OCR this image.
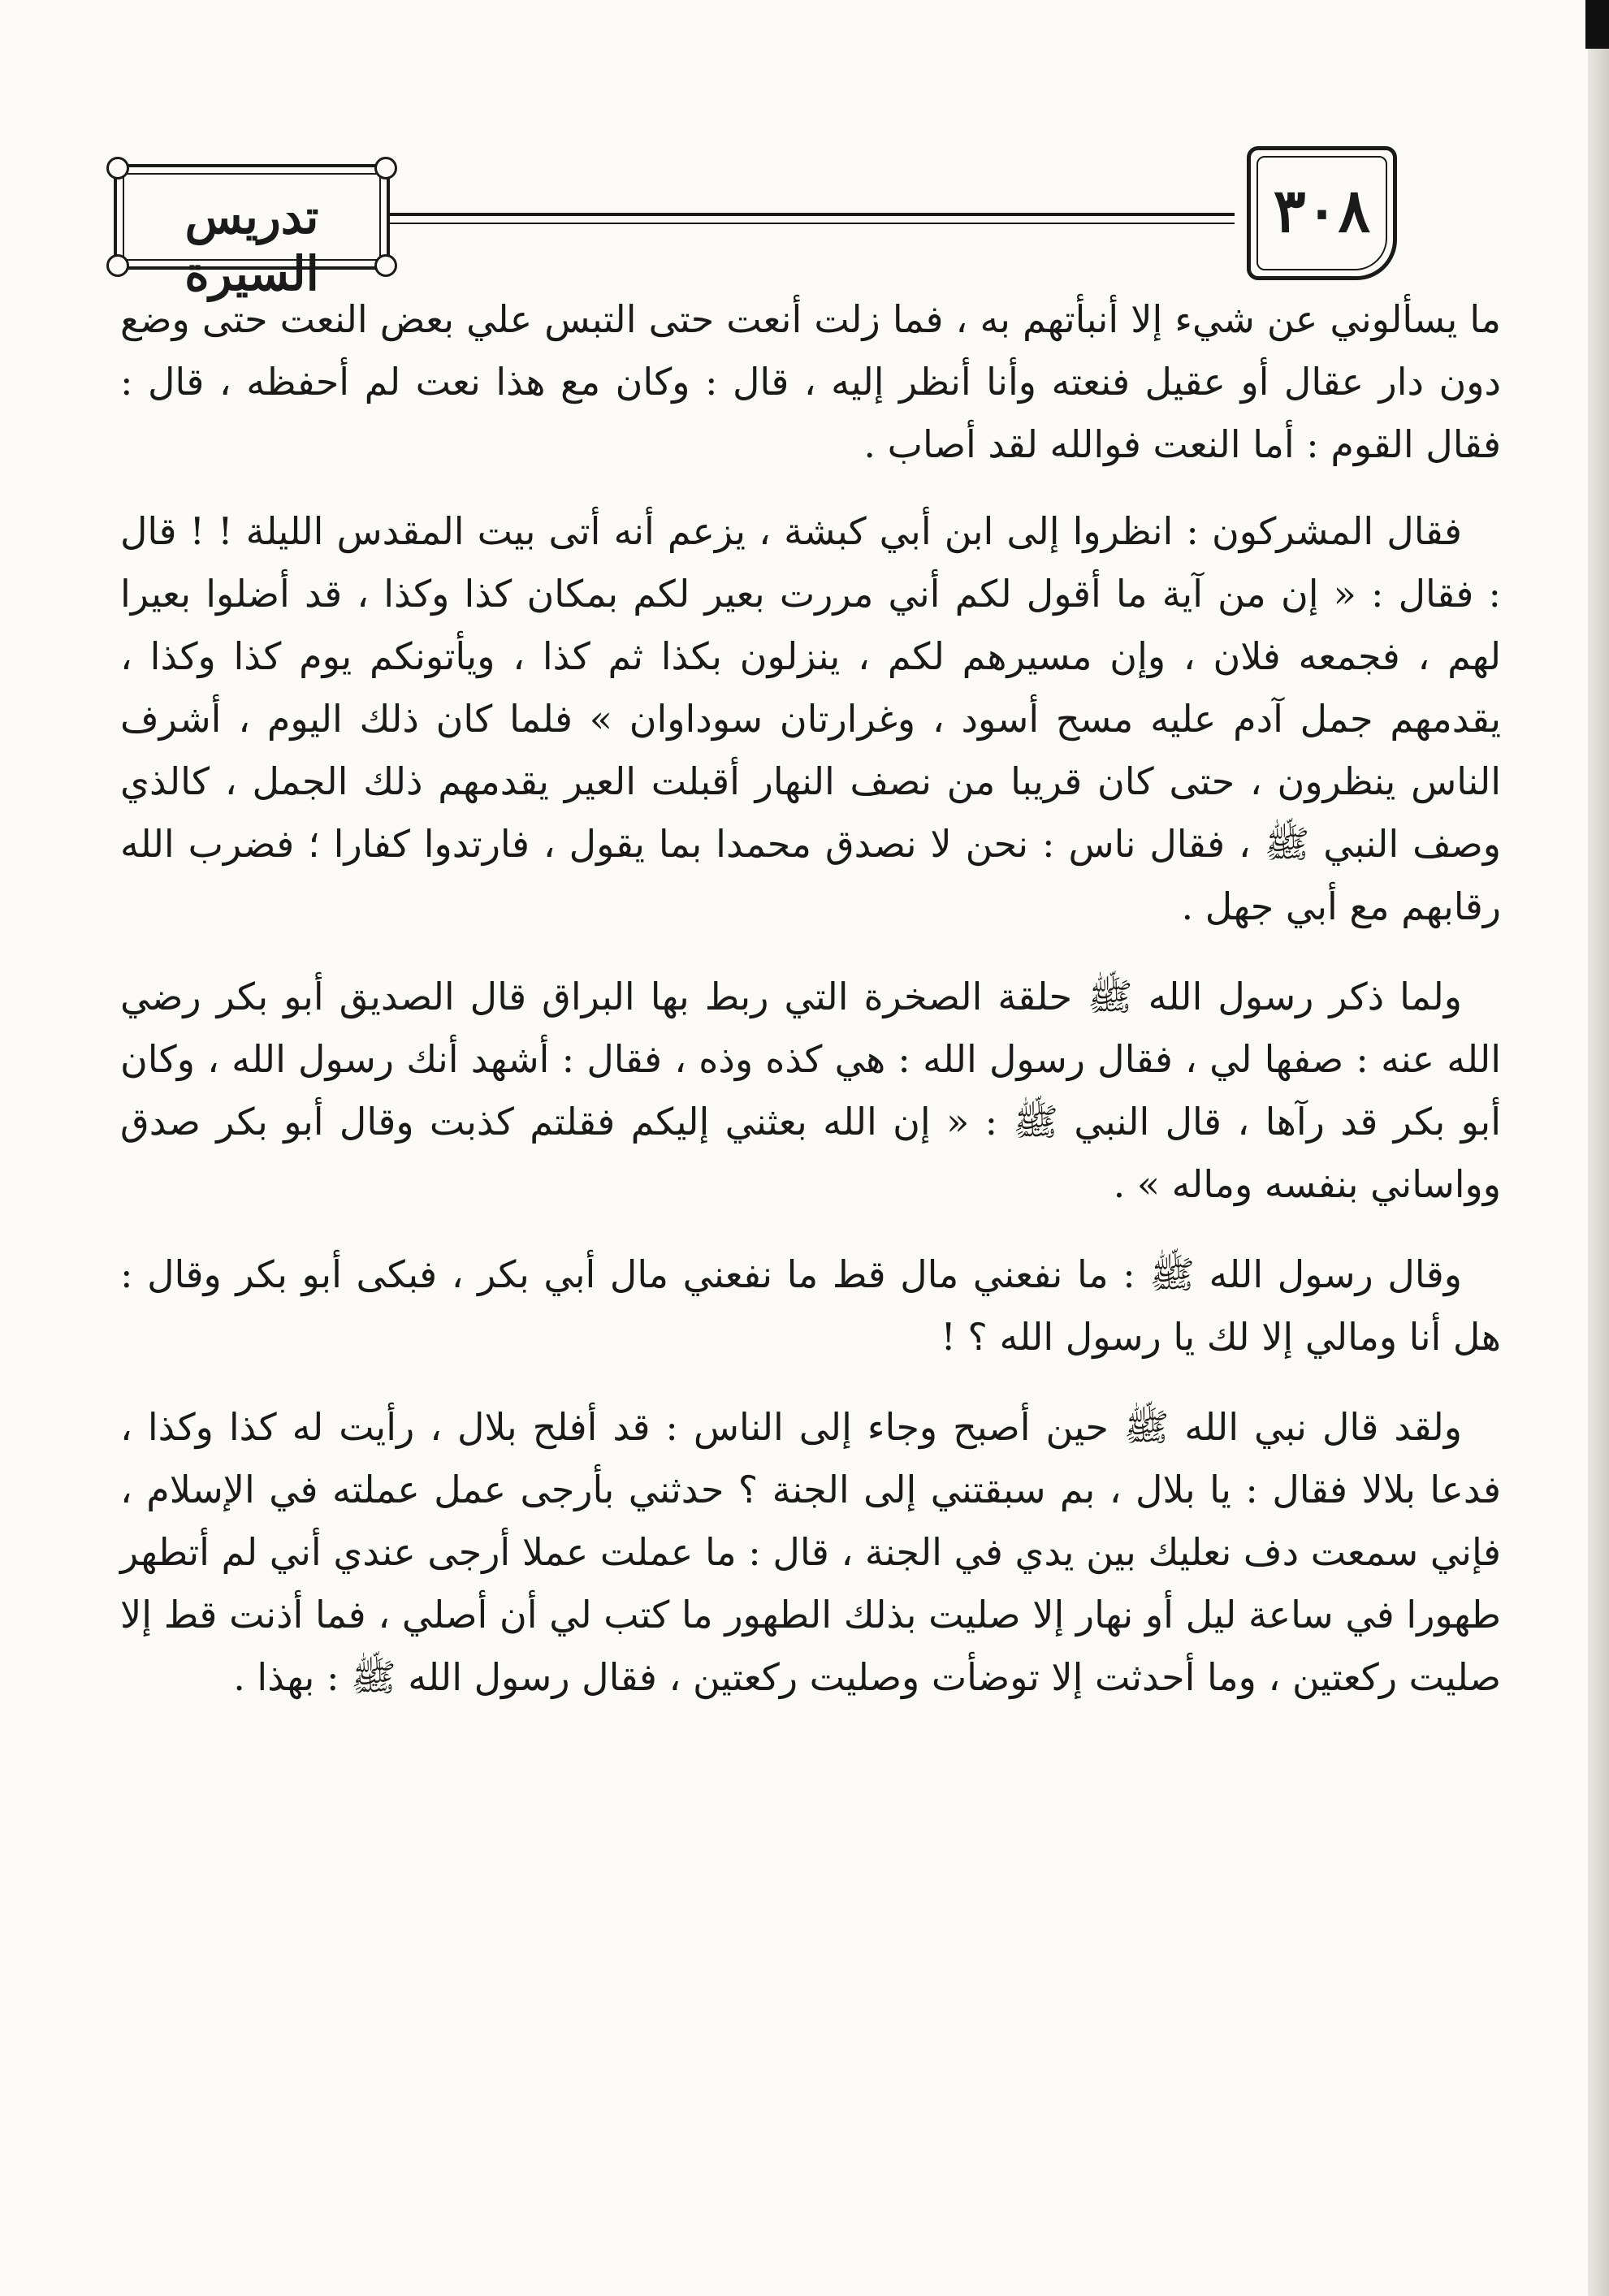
تدريس السيرة
٣٠٨

ما يسألوني عن شيء إلا أنبأتهم به ، فما زلت أنعت حتى التبس علي بعض النعت حتى وضع دون دار عقال أو عقيل فنعته وأنا أنظر إليه ، قال : وكان مع هذا نعت لم أحفظه ، قال : فقال القوم : أما النعت فوالله لقد أصاب .

فقال المشركون : انظروا إلى ابن أبي كبشة ، يزعم أنه أتى بيت المقدس الليلة ! ! قال : فقال : « إن من آية ما أقول لكم أني مررت بعير لكم بمكان كذا وكذا ، قد أضلوا بعيرا لهم ، فجمعه فلان ، وإن مسيرهم لكم ، ينزلون بكذا ثم كذا ، ويأتونكم يوم كذا وكذا ، يقدمهم جمل آدم عليه مسح أسود ، وغرارتان سوداوان » فلما كان ذلك اليوم ، أشرف الناس ينظرون ، حتى كان قريبا من نصف النهار أقبلت العير يقدمهم ذلك الجمل ، كالذي وصف النبي ﷺ ، فقال ناس : نحن لا نصدق محمدا بما يقول ، فارتدوا كفارا ؛ فضرب الله رقابهم مع أبي جهل .

ولما ذكر رسول الله ﷺ حلقة الصخرة التي ربط بها البراق قال الصديق أبو بكر رضي الله عنه : صفها لي ، فقال رسول الله : هي كذه وذه ، فقال : أشهد أنك رسول الله ، وكان أبو بكر قد رآها ، قال النبي ﷺ : « إن الله بعثني إليكم فقلتم كذبت وقال أبو بكر صدق وواساني بنفسه وماله » .

وقال رسول الله ﷺ : ما نفعني مال قط ما نفعني مال أبي بكر ، فبكى أبو بكر وقال : هل أنا ومالي إلا لك يا رسول الله ؟ !

ولقد قال نبي الله ﷺ حين أصبح وجاء إلى الناس : قد أفلح بلال ، رأيت له كذا وكذا ، فدعا بلالا فقال : يا بلال ، بم سبقتني إلى الجنة ؟ حدثني بأرجى عمل عملته في الإسلام ، فإني سمعت دف نعليك بين يدي في الجنة ، قال : ما عملت عملا أرجى عندي أني لم أتطهر طهورا في ساعة ليل أو نهار إلا صليت بذلك الطهور ما كتب لي أن أصلي ، فما أذنت قط إلا صليت ركعتين ، وما أحدثت إلا توضأت وصليت ركعتين ، فقال رسول الله ﷺ : بهذا .
